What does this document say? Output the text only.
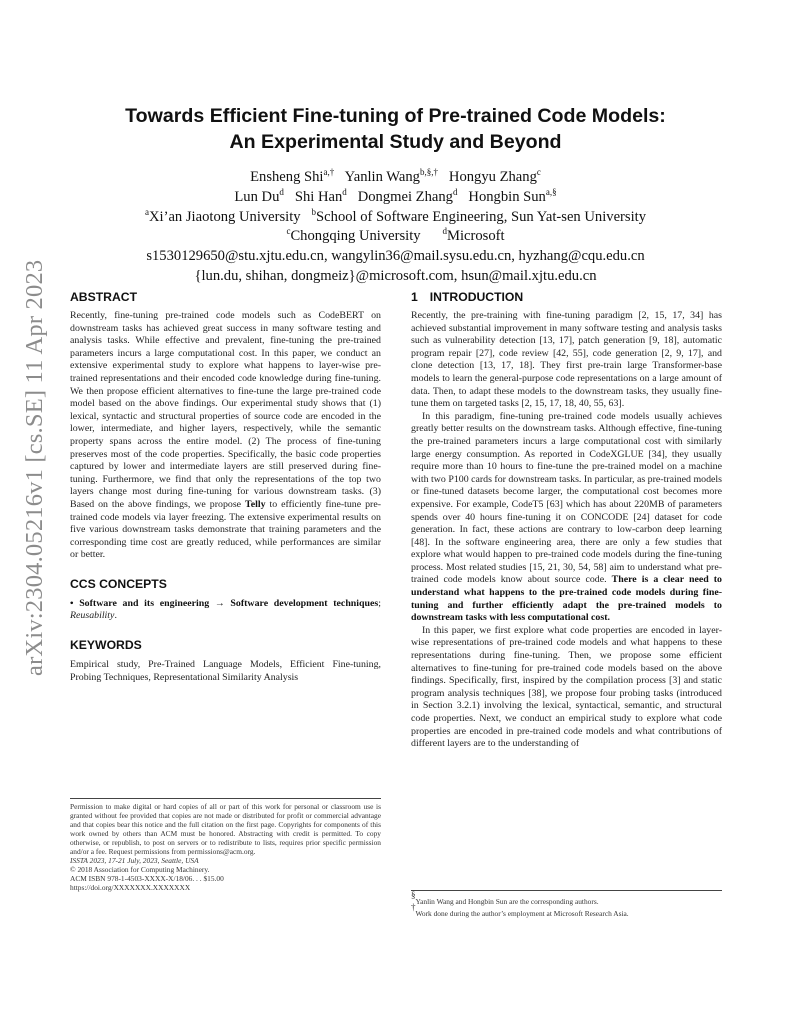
arXiv:2304.05216v1 [cs.SE] 11 Apr 2023
Towards Efficient Fine-tuning of Pre-trained Code Models:
An Experimental Study and Beyond
Ensheng Shi$^{a,\dagger}$ Yanlin Wang$^{b,\S,\dagger}$ Hongyu Zhang$^c$
Lun Du$^d$ Shi Han$^d$ Dongmei Zhang$^d$ Hongbin Sun$^{a,\S}$
$^a$Xi’an Jiaotong University $^b$School of Software Engineering, Sun Yat-sen University
$^c$Chongqing University $^d$Microsoft
s1530129650@stu.xjtu.edu.cn, wangylin36@mail.sysu.edu.cn, hyzhang@cqu.edu.cn
{lun.du, shihan, dongmeiz}@microsoft.com, hsun@mail.xjtu.edu.cn
ABSTRACT

Recently, fine-tuning pre-trained code models such as CodeBERT on downstream tasks has achieved great success in many software testing and analysis tasks. While effective and prevalent, fine-tuning the pre-trained parameters incurs a large computational cost. In this paper, we conduct an extensive experimental study to explore what happens to layer-wise pre-trained representations and their encoded code knowledge during fine-tuning. We then propose efficient alternatives to fine-tune the large pre-trained code model based on the above findings. Our experimental study shows that (1) lexical, syntactic and structural properties of source code are encoded in the lower, intermediate, and higher layers, respectively, while the semantic property spans across the entire model. (2) The process of fine-tuning preserves most of the code properties. Specifically, the basic code properties captured by lower and intermediate layers are still preserved during fine-tuning. Furthermore, we find that only the representations of the top two layers change most during fine-tuning for various downstream tasks. (3) Based on the above findings, we propose Telly to efficiently fine-tune pre-trained code models via layer freezing. The extensive experimental results on five various downstream tasks demonstrate that training parameters and the corresponding time cost are greatly reduced, while performances are similar or better.

CCS CONCEPTS

• Software and its engineering → Software development techniques; Reusability.

KEYWORDS

Empirical study, Pre-Trained Language Models, Efficient Fine-tuning, Probing Techniques, Representational Similarity Analysis

Permission to make digital or hard copies of all or part of this work for personal or classroom use is granted without fee provided that copies are not made or distributed for profit or commercial advantage and that copies bear this notice and the full citation on the first page. Copyrights for components of this work owned by others than ACM must be honored. Abstracting with credit is permitted. To copy otherwise, or republish, to post on servers or to redistribute to lists, requires prior specific permission and/or a fee. Request permissions from permissions@acm.org.

ISSTA 2023, 17-21 July, 2023, Seattle, USA

© 2018 Association for Computing Machinery.

ACM ISBN 978-1-4503-XXXX-X/18/06. . . $15.00

https://doi.org/XXXXXXX.XXXXXXX

1 INTRODUCTION

Recently, the pre-training with fine-tuning paradigm [2, 15, 17, 34] has achieved substantial improvement in many software testing and analysis tasks such as vulnerability detection [13, 17], patch generation [9, 18], automatic program repair [27], code review [42, 55], code generation [2, 9, 17], and clone detection [13, 17, 18]. They first pre-train large Transformer-base models to learn the general-purpose code representations on a large amount of data. Then, to adapt these models to the downstream tasks, they usually fine-tune them on targeted tasks [2, 15, 17, 18, 40, 55, 63].

In this paradigm, fine-tuning pre-trained code models usually achieves greatly better results on the downstream tasks. Although effective, fine-tuning the pre-trained parameters incurs a large computational cost with similarly large energy consumption. As reported in CodeXGLUE [34], they usually require more than 10 hours to fine-tune the pre-trained model on a machine with two P100 cards for downstream tasks. In particular, as pre-trained models or fine-tuned datasets become larger, the computational cost becomes more expensive. For example, CodeT5 [63] which has about 220MB of parameters spends over 40 hours fine-tuning it on CONCODE [24] dataset for code generation. In fact, these actions are contrary to low-carbon deep learning [48]. In the software engineering area, there are only a few studies that explore what would happen to pre-trained code models during the fine-tuning process. Most related studies [15, 21, 30, 54, 58] aim to understand what pre-trained code models know about source code. There is a clear need to understand what happens to the pre-trained code models during fine-tuning and further efficiently adapt the pre-trained models to downstream tasks with less computational cost.

In this paper, we first explore what code properties are encoded in layer-wise representations of pre-trained code models and what happens to these representations during fine-tuning. Then, we propose some efficient alternatives to fine-tuning for pre-trained code models based on the above findings. Specifically, first, inspired by the compilation process [3] and static program analysis techniques [38], we propose four probing tasks (introduced in Section 3.2.1) involving the lexical, syntactical, semantic, and structural code properties. Next, we conduct an empirical study to explore what code properties are encoded in pre-trained code models and what contributions of different layers are to the understanding of

§Yanlin Wang and Hongbin Sun are the corresponding authors.
†Work done during the author’s employment at Microsoft Research Asia.
